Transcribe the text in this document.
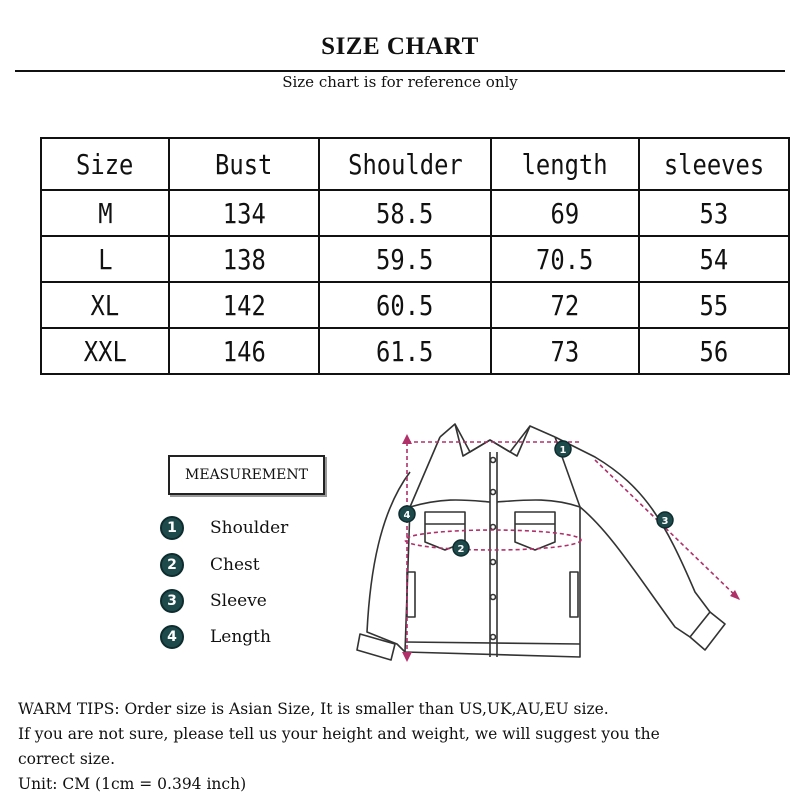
SIZE CHART
Size chart is for reference only
Size	Bust	Shoulder	length	sleeves
M	134	58.5	69	53
L	138	59.5	70.5	54
XL	142	60.5	72	55
XXL	146	61.5	73	56
MEASUREMENT
1	Shoulder
2	Chest
3	Sleeve
4	Length
1
2
3
4
WARM TIPS: Order size is Asian Size, It is smaller than US,UK,AU,EU size.
If you are not sure, please tell us your height and weight, we will suggest you the
correct size.
Unit: CM (1cm = 0.394 inch)
